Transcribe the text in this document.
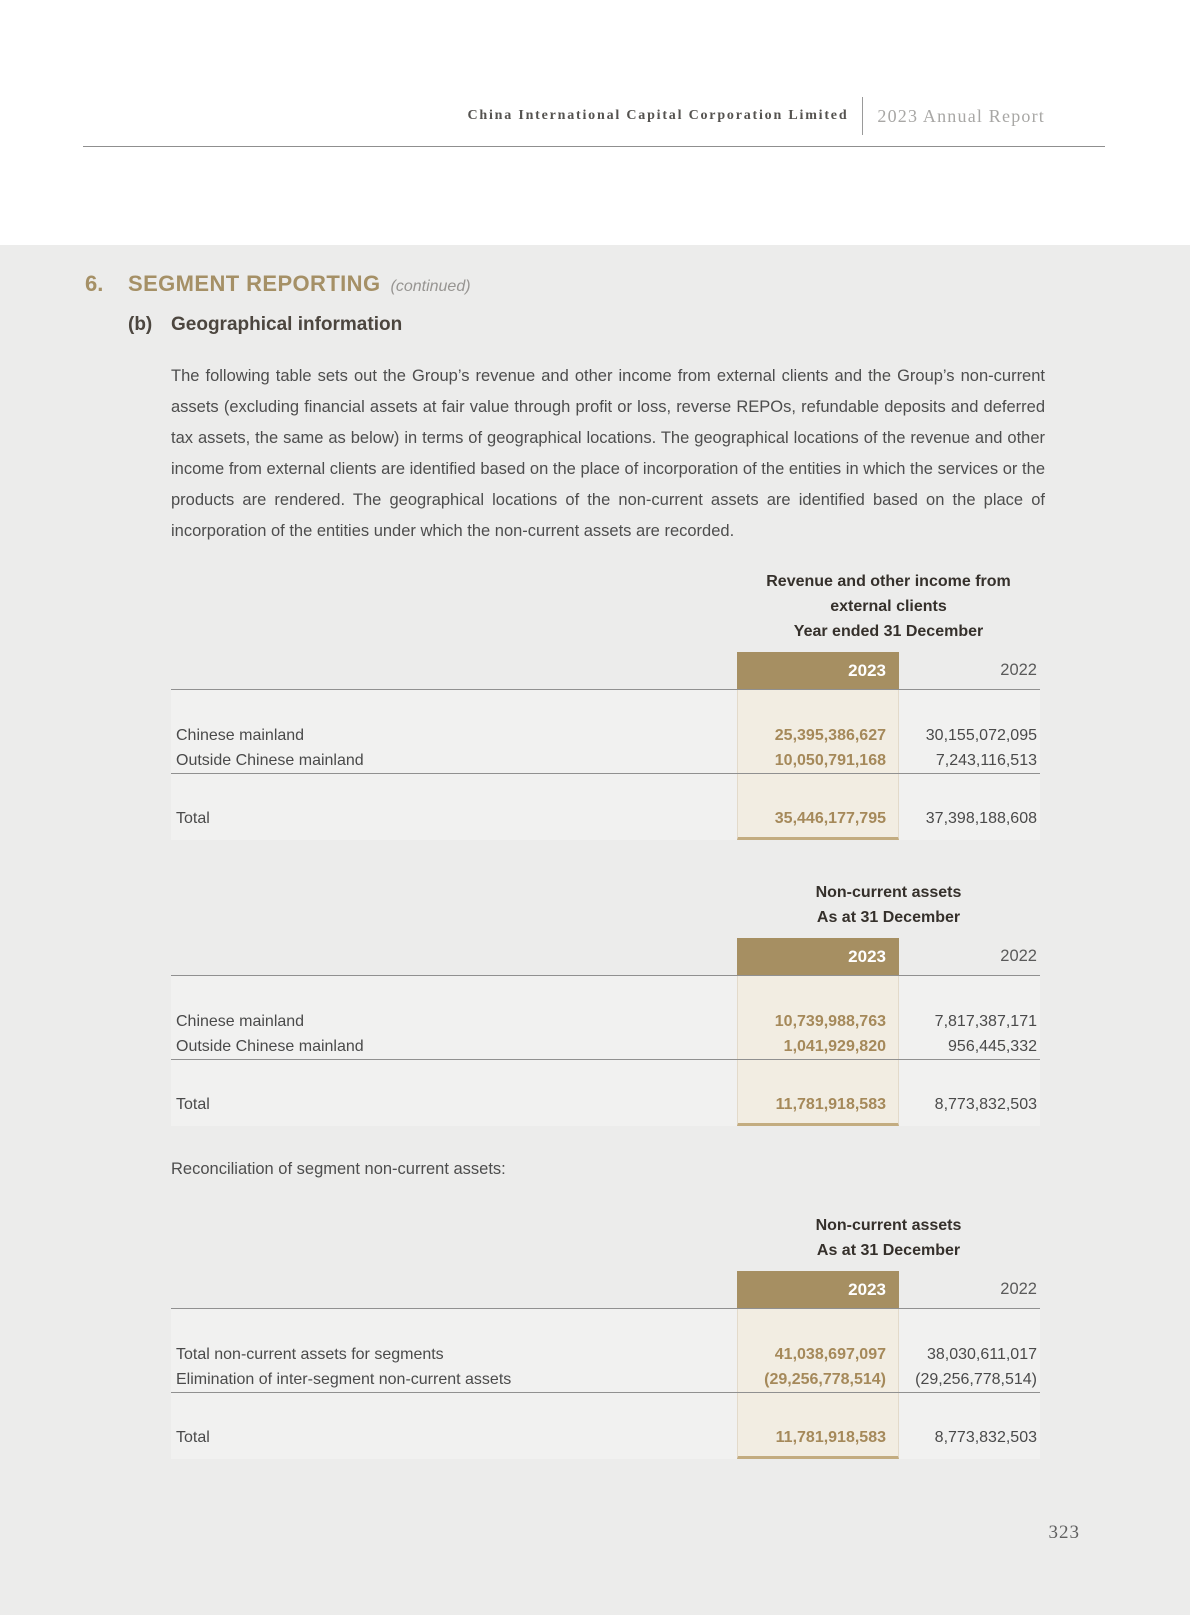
China International Capital Corporation Limited 2023 Annual Report
6.	SEGMENT REPORTING (continued)
(b) Geographical information

The following table sets out the Group’s revenue and other income from external clients and the Group’s non-current assets (excluding financial assets at fair value through profit or loss, reverse REPOs, refundable deposits and deferred tax assets, the same as below) in terms of geographical locations. The geographical locations of the revenue and other income from external clients are identified based on the place of incorporation of the entities in which the services or the products are rendered. The geographical locations of the non-current assets are identified based on the place of incorporation of the entities under which the non-current assets are recorded.

Revenue and other income from
external clients
Year ended 31 December
2023	2022
Chinese mainland	25,395,386,627	30,155,072,095
Outside Chinese mainland	10,050,791,168	7,243,116,513
Total	35,446,177,795	37,398,188,608
Non-current assets
As at 31 December
2023	2022
Chinese mainland	10,739,988,763	7,817,387,171
Outside Chinese mainland	1,041,929,820	956,445,332
Total	11,781,918,583	8,773,832,503

Reconciliation of segment non-current assets:

Non-current assets
As at 31 December
2023	2022
Total non-current assets for segments	41,038,697,097	38,030,611,017
Elimination of inter-segment non-current assets	(29,256,778,514)	(29,256,778,514)
Total	11,781,918,583	8,773,832,503
323
